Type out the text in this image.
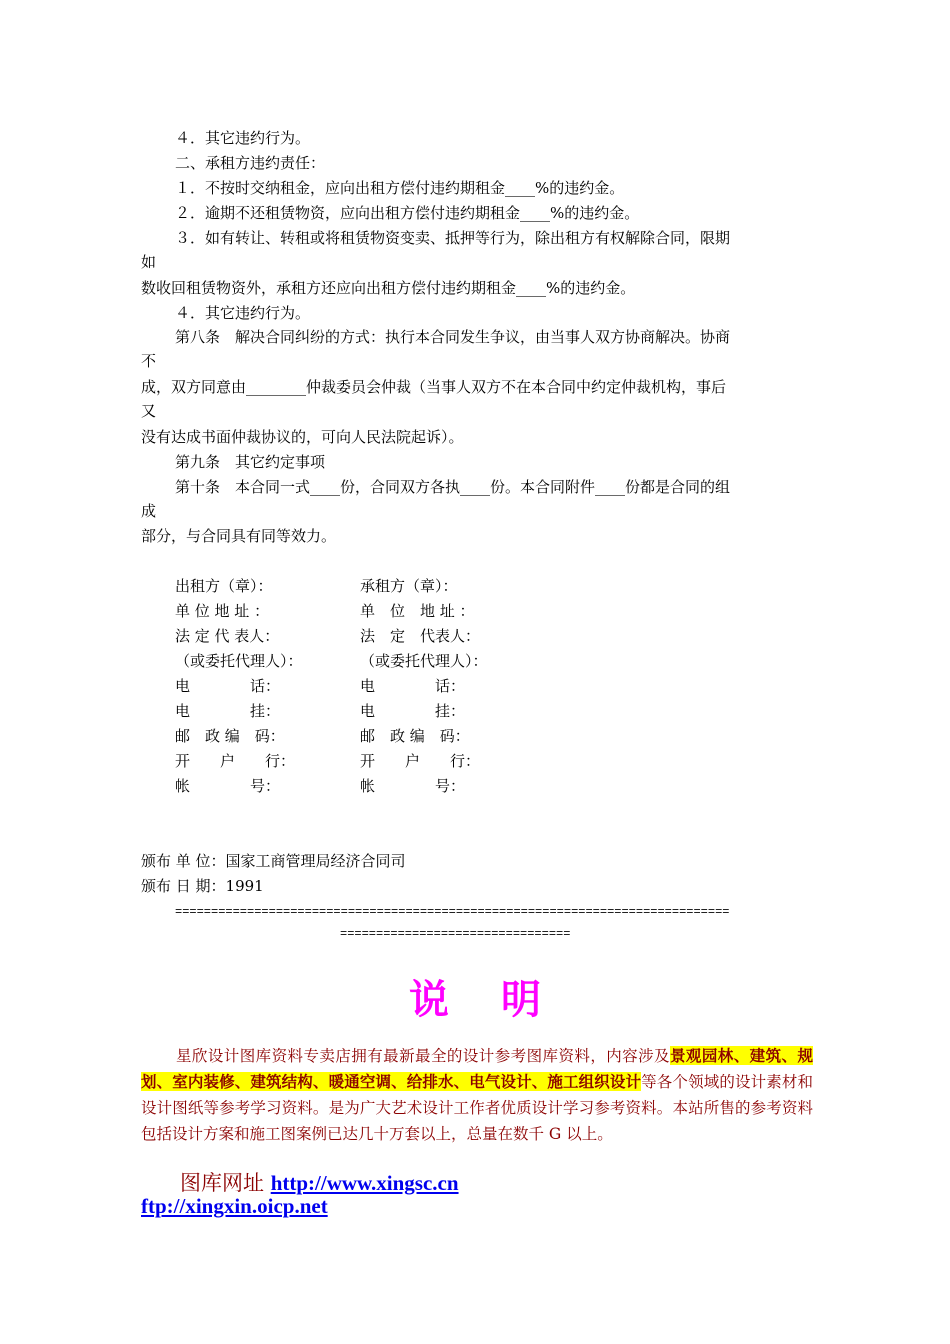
４．其它违约行为。
二、承租方违约责任：
１．不按时交纳租金，应向出租方偿付违约期租金____%的违约金。
２．逾期不还租赁物资，应向出租方偿付违约期租金____%的违约金。
３．如有转让、转租或将租赁物资变卖、抵押等行为，除出租方有权解除合同，限期
如
数收回租赁物资外，承租方还应向出租方偿付违约期租金____%的违约金。
４．其它违约行为。
第八条　解决合同纠纷的方式：执行本合同发生争议，由当事人双方协商解决。协商
不
成，双方同意由________仲裁委员会仲裁（当事人双方不在本合同中约定仲裁机构，事后
又
没有达成书面仲裁协议的，可向人民法院起诉）。
第九条　其它约定事项
第十条　本合同一式____份，合同双方各执____份。本合同附件____份都是合同的组
成
部分，与合同具有同等效力。
出租方（章）：	承租方（章）：
单 位 地 址 ：	单　位　地 址 ：
法 定 代 表人：	法　定　代表人：
（或委托代理人）：	（或委托代理人）：
电　　　　话：	电　　　　话：
电　　　　挂：	电　　　　挂：
邮　政 编　码：	邮　政 编　码：
开　　户　　行：	开　　户　　行：
帐　　　　号：	帐　　　　号：
颁布 单 位：国家工商管理局经济合同司
颁布 日 期：1991
=============================================================================
================================
说 明
星欣设计图库资料专卖店拥有最新最全的设计参考图库资料，内容涉及景观园林、建筑、规划、室内装修、建筑结构、暖通空调、给排水、电气设计、施工组织设计等各个领域的设计素材和设计图纸等参考学习资料。是为广大艺术设计工作者优质设计学习参考资料。本站所售的参考资料包括设计方案和施工图案例已达几十万套以上，总量在数千 G 以上。
图库网址 http://www.xingsc.cn
ftp://xingxin.oicp.net
